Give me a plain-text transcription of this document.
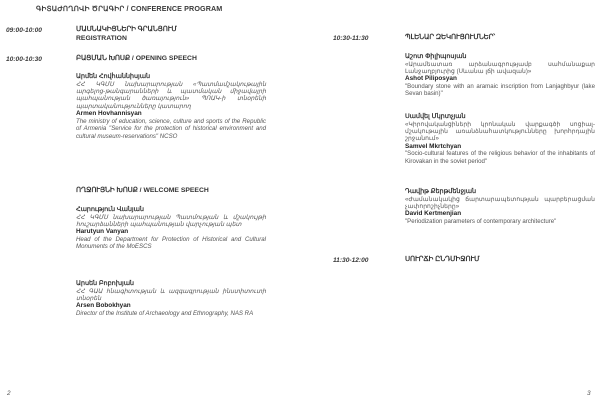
ԳԻՏԱԺՈՂՈՎԻ ԾՐԱԳԻՐ / CONFERENCE PROGRAM
09:00-10:00	ՄԱՍՆԱԿԻՑՆԵՐԻ ԳՐԱՆՑՈՒՄ
REGISTRATION
10:00-10:30	ԲԱՑՄԱՆ ԽՈՍՔ / OPENING SPEECH
Արմեն Հովհաննիսյան
ՀՀ ԿԳՄՍ նախարարության «Պատմամշակութային արգելոց-թանգարանների և պատմական միջավայրի պահպանության ծառայություն» ՊՈԱԿ-ի տնօրենի պարտականությունները կատարող
Armen Hovhannisyan
The ministry of education, science, culture and sports of the Republic of Armenia "Service for the protection of historical environment and cultural museum-reservations" NCSO
ՈՂՋՈՒՅՆԻ ԽՈՍՔ / WELCOME SPEECH
Հարություն Վանյան
ՀՀ ԿԳՄՍ նախարարության Պատմության և մշակույթի հուշարձանների պահպանության վարչության պետ
Harutyun Vanyan
Head of the Department for Protection of Historical and Cultural Monuments of the MoESCS
Արսեն Բոբոխյան
ՀՀ ԳԱԱ հնագիտության և ազգագրության ինստիտուտի տնօրեն
Arsen Bobokhyan
Director of the Institute of Archaeology and Ethnography, NAS RA
2
10:30-11:30	ՊԼԵՆԱՐ ԶԵԿՈՒՑՈՒՄՆԵՐ՝
Աշոտ Փիլիպոսյան
«Արամեատառ արձանագրությամբ սահմանաքար Լանջաղբյուրից (Սևանա լճի ավազան)»
Ashot Piliposyan
"Boundary stone with an aramaic inscription from Lanjaghbyur (lake Sevan basin)"
Սամվել Մկրտչյան
«Կիրովականցիների կրոնական վարքագծի սոցիալ-մշակութային առանձնահատկությունները խորհրդային շրջանում»
Samvel Mkrtchyan
"Socio-cultural features of the religious behavior of the inhabitants of Kirovakan in the soviet period"
Դավիթ Քերթմենջյան
«Ժամանակակից ճարտարապետության պարբերացման չափորոշիչները»
David Kertmenjian
"Periodization parameters of contemporary architecture"
11:30-12:00	ՍՈՒՐՃԻ ԸՆԴՄԻՋՈՒՄ
3
